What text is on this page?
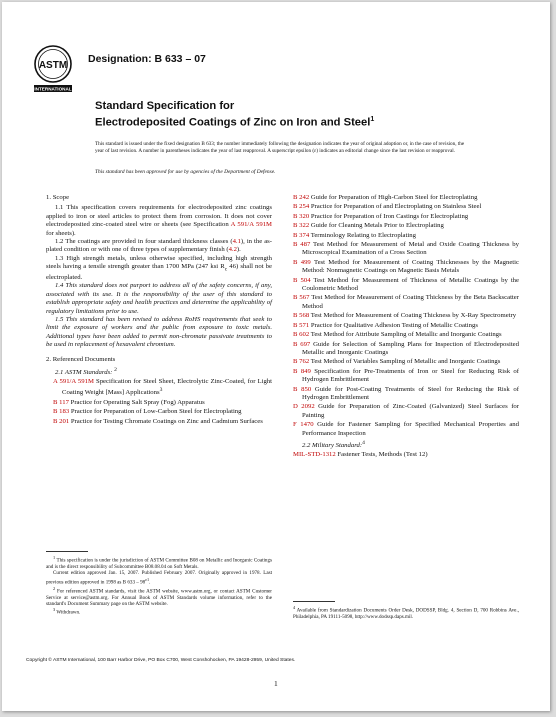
ASTM
INTERNATIONAL
Designation: B 633 – 07
Standard Specification for
Electrodeposited Coatings of Zinc on Iron and Steel$^1$
This standard is issued under the fixed designation B 633; the number immediately following the designation indicates the year of original adoption or, in the case of revision, the year of last revision. A number in parentheses indicates the year of last reapproval. A superscript epsilon (ε) indicates an editorial change since the last revision or reapproval.
This standard has been approved for use by agencies of the Department of Defense.

1. Scope

1.1 This specification covers requirements for electrodeposited zinc coatings applied to iron or steel articles to protect them from corrosion. It does not cover electrodeposited zinc-coated steel wire or sheets (see Specification A 591/A 591M for sheets).

1.2 The coatings are provided in four standard thickness classes (4.1), in the as-plated condition or with one of three types of supplementary finish (4.2).

1.3 High strength metals, unless otherwise specified, including high strength steels having a tensile strength greater than 1700 MPa (247 ksi $R_c$ 46) shall not be electroplated.

1.4 This standard does not purport to address all of the safety concerns, if any, associated with its use. It is the responsibility of the user of this standard to establish appropriate safety and health practices and determine the applicability of regulatory limitations prior to use.

1.5 This standard has been revised to address RoHS requirements that seek to limit the exposure of workers and the public from exposure to toxic metals. Additional types have been added to permit non-chromate passivate treatments to be used in replacement of hexavalent chromium.

2. Referenced Documents

2.1 ASTM Standards: $^2$

A 591/A 591M Specification for Steel Sheet, Electrolytic Zinc-Coated, for Light Coating Weight [Mass] Applications$^3$

B 117 Practice for Operating Salt Spray (Fog) Apparatus

B 183 Practice for Preparation of Low-Carbon Steel for Electroplating

B 201 Practice for Testing Chromate Coatings on Zinc and Cadmium Surfaces

B 242 Guide for Preparation of High-Carbon Steel for Electroplating

B 254 Practice for Preparation of and Electroplating on Stainless Steel

B 320 Practice for Preparation of Iron Castings for Electroplating

B 322 Guide for Cleaning Metals Prior to Electroplating

B 374 Terminology Relating to Electroplating

B 487 Test Method for Measurement of Metal and Oxide Coating Thickness by Microscopical Examination of a Cross Section

B 499 Test Method for Measurement of Coating Thicknesses by the Magnetic Method: Nonmagnetic Coatings on Magnetic Basis Metals

B 504 Test Method for Measurement of Thickness of Metallic Coatings by the Coulometric Method

B 567 Test Method for Measurement of Coating Thickness by the Beta Backscatter Method

B 568 Test Method for Measurement of Coating Thickness by X-Ray Spectrometry

B 571 Practice for Qualitative Adhesion Testing of Metallic Coatings

B 602 Test Method for Attribute Sampling of Metallic and Inorganic Coatings

B 697 Guide for Selection of Sampling Plans for Inspection of Electrodeposited Metallic and Inorganic Coatings

B 762 Test Method of Variables Sampling of Metallic and Inorganic Coatings

B 849 Specification for Pre-Treatments of Iron or Steel for Reducing Risk of Hydrogen Embrittlement

B 850 Guide for Post-Coating Treatments of Steel for Reducing the Risk of Hydrogen Embrittlement

D 2092 Guide for Preparation of Zinc-Coated (Galvanized) Steel Surfaces for Painting

F 1470 Guide for Fastener Sampling for Specified Mechanical Properties and Performance Inspection

2.2 Military Standard:$^4$

MIL-STD-1312 Fastener Tests, Methods (Test 12)

$^1$ This specification is under the jurisdiction of ASTM Committee B08 on Metallic and Inorganic Coatings and is the direct responsibility of Subcommittee B08.08.04 on Soft Metals.

Current edition approved Jan. 15, 2007. Published February 2007. Originally approved in 1978. Last previous edition approved in 1998 as B $633 - 98^{\varepsilon 1}$.

$^2$ For referenced ASTM standards, visit the ASTM website, www.astm.org, or contact ASTM Customer Service at service@astm.org. For Annual Book of ASTM Standards volume information, refer to the standard's Document Summary page on the ASTM website.

$^3$ Withdrawn.

$^4$ Available from Standardization Documents Order Desk, DODSSP, Bldg. 4, Section D, 700 Robbins Ave., Philadelphia, PA 19111-5098, http://www.dodssp.daps.mil.
Copyright © ASTM International, 100 Barr Harbor Drive, PO Box C700, West Conshohocken, PA 19428-2959, United States.
1
